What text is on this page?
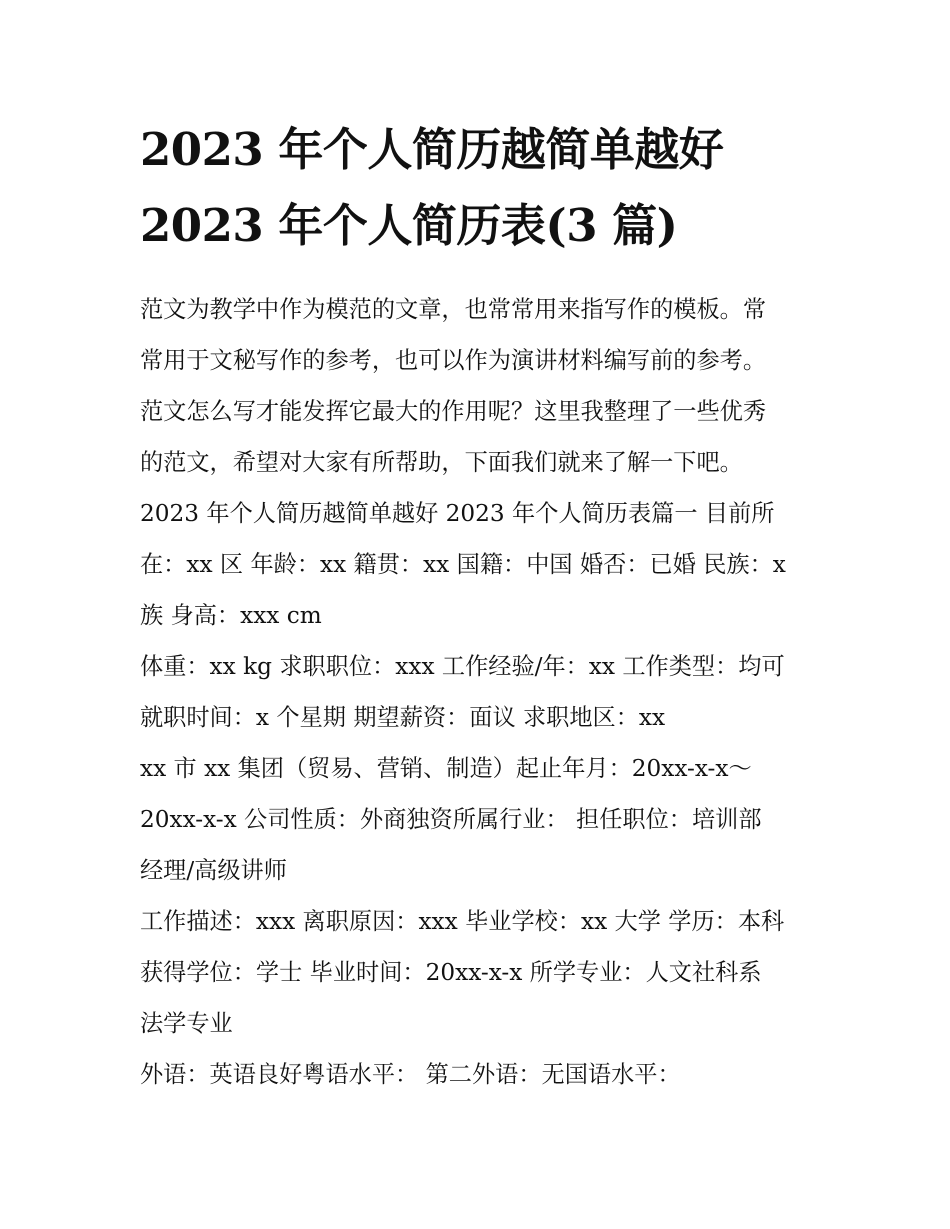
2023 年个人简历越简单越好
2023 年个人简历表(3 篇)

范文为教学中作为模范的文章，也常常用来指写作的模板。常

常用于文秘写作的参考，也可以作为演讲材料编写前的参考。

范文怎么写才能发挥它最大的作用呢？这里我整理了一些优秀

的范文，希望对大家有所帮助，下面我们就来了解一下吧。

2023 年个人简历越简单越好 2023 年个人简历表篇一 目前所

在：xx 区 年龄：xx 籍贯：xx 国籍：中国 婚否：已婚 民族：x

族 身高：xxx cm

体重：xx kg 求职职位：xxx 工作经验/年：xx 工作类型：均可

就职时间：x 个星期 期望薪资：面议 求职地区：xx

xx 市 xx 集团（贸易、营销、制造）起止年月：20xx-x-x～

20xx-x-x 公司性质：外商独资所属行业： 担任职位：培训部

经理/高级讲师

工作描述：xxx 离职原因：xxx 毕业学校：xx 大学 学历：本科

获得学位：学士 毕业时间：20xx-x-x 所学专业：人文社科系

法学专业

外语：英语良好粤语水平： 第二外语：无国语水平：
